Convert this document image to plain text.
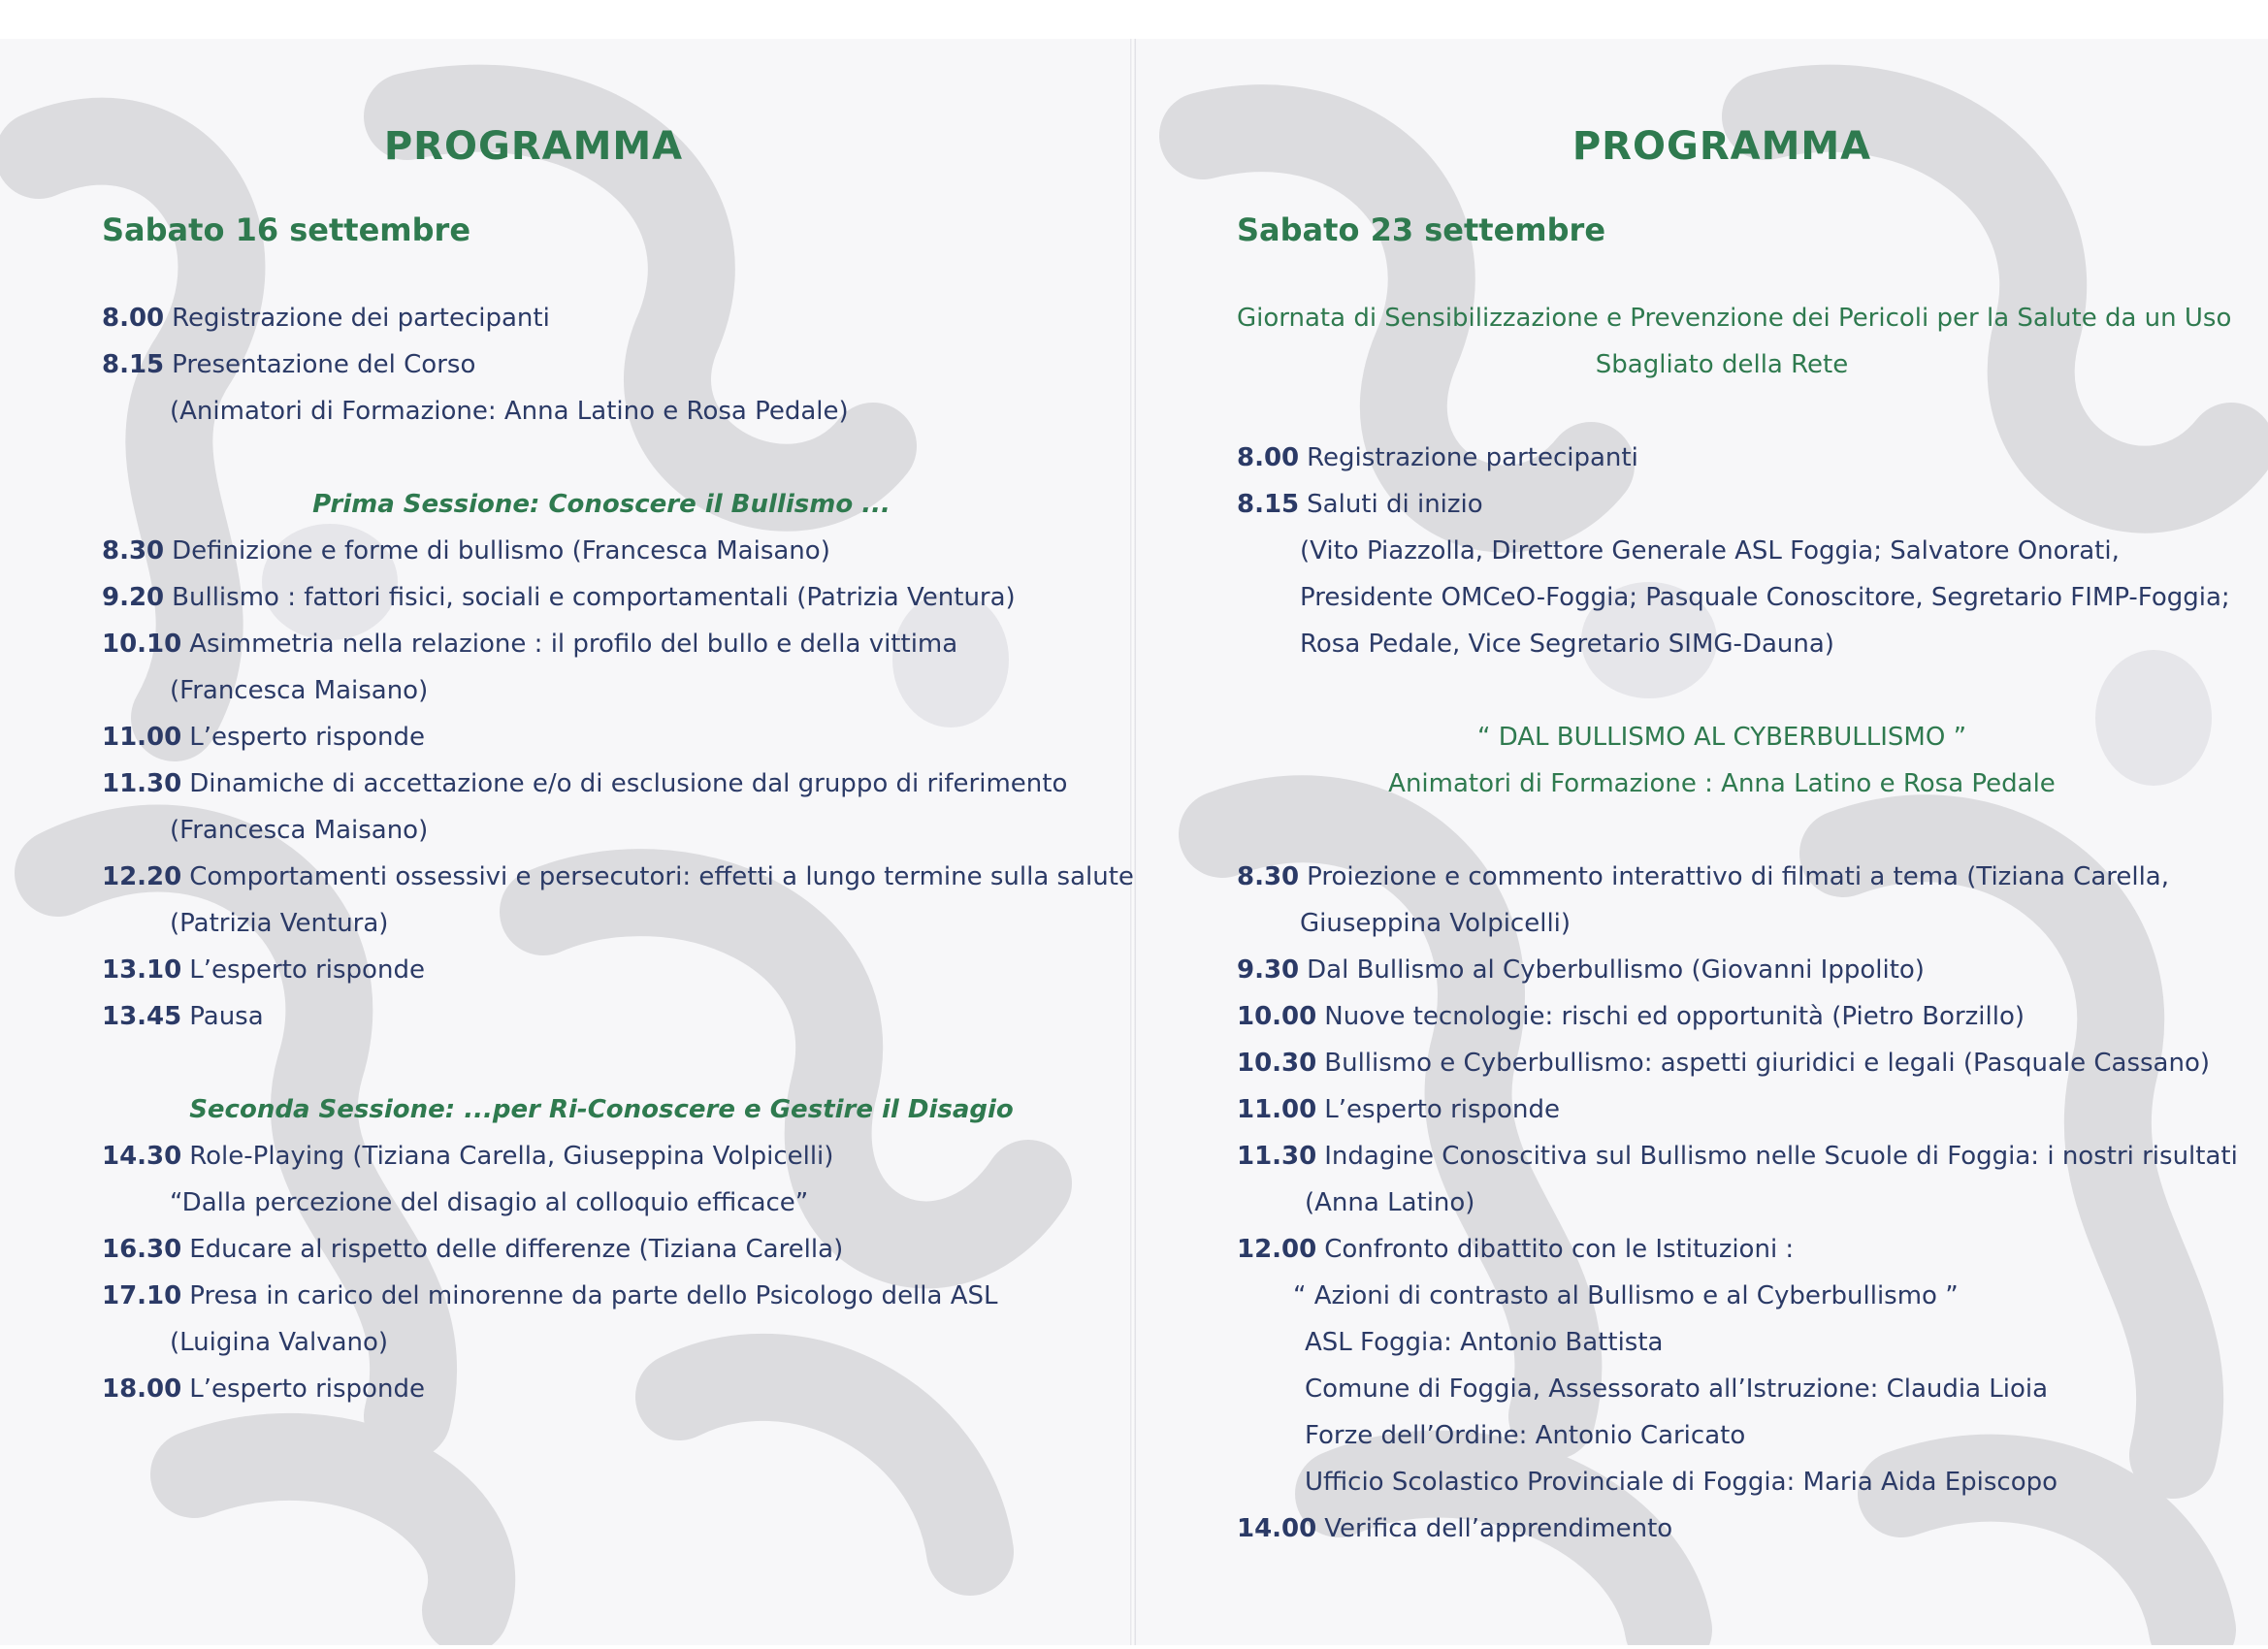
PROGRAMMA
Sabato 16 settembre
8.00 Registrazione dei partecipanti
8.15 Presentazione del Corso
(Animatori di Formazione: Anna Latino e Rosa Pedale)
Prima Sessione: Conoscere il Bullismo ...
8.30 Definizione e forme di bullismo (Francesca Maisano)
9.20 Bullismo : fattori fisici, sociali e comportamentali (Patrizia Ventura)
10.10 Asimmetria nella relazione : il profilo del bullo e della vittima
(Francesca Maisano)
11.00 L’esperto risponde
11.30 Dinamiche di accettazione e/o di esclusione dal gruppo di riferimento
(Francesca Maisano)
12.20 Comportamenti ossessivi e persecutori: effetti a lungo termine sulla salute
(Patrizia Ventura)
13.10 L’esperto risponde
13.45 Pausa
Seconda Sessione: ...per Ri-Conoscere e Gestire il Disagio
14.30 Role-Playing (Tiziana Carella, Giuseppina Volpicelli)
“Dalla percezione del disagio al colloquio efficace”
16.30 Educare al rispetto delle differenze (Tiziana Carella)
17.10 Presa in carico del minorenne da parte dello Psicologo della ASL
(Luigina Valvano)
18.00 L’esperto risponde
PROGRAMMA
Sabato 23 settembre
Giornata di Sensibilizzazione e Prevenzione dei Pericoli per la Salute da un Uso
Sbagliato della Rete
8.00 Registrazione partecipanti
8.15 Saluti di inizio
(Vito Piazzolla, Direttore Generale ASL Foggia; Salvatore Onorati,
Presidente OMCeO-Foggia; Pasquale Conoscitore, Segretario FIMP-Foggia;
Rosa Pedale, Vice Segretario SIMG-Dauna)
“ DAL BULLISMO AL CYBERBULLISMO ”
Animatori di Formazione : Anna Latino e Rosa Pedale
8.30 Proiezione e commento interattivo di filmati a tema (Tiziana Carella,
Giuseppina Volpicelli)
9.30 Dal Bullismo al Cyberbullismo (Giovanni Ippolito)
10.00 Nuove tecnologie: rischi ed opportunità (Pietro Borzillo)
10.30 Bullismo e Cyberbullismo: aspetti giuridici e legali (Pasquale Cassano)
11.00 L’esperto risponde
11.30 Indagine Conoscitiva sul Bullismo nelle Scuole di Foggia: i nostri risultati
(Anna Latino)
12.00 Confronto dibattito con le Istituzioni :
“ Azioni di contrasto al Bullismo e al Cyberbullismo ”
ASL Foggia: Antonio Battista
Comune di Foggia, Assessorato all’Istruzione: Claudia Lioia
Forze dell’Ordine: Antonio Caricato
Ufficio Scolastico Provinciale di Foggia: Maria Aida Episcopo
14.00 Verifica dell’apprendimento
